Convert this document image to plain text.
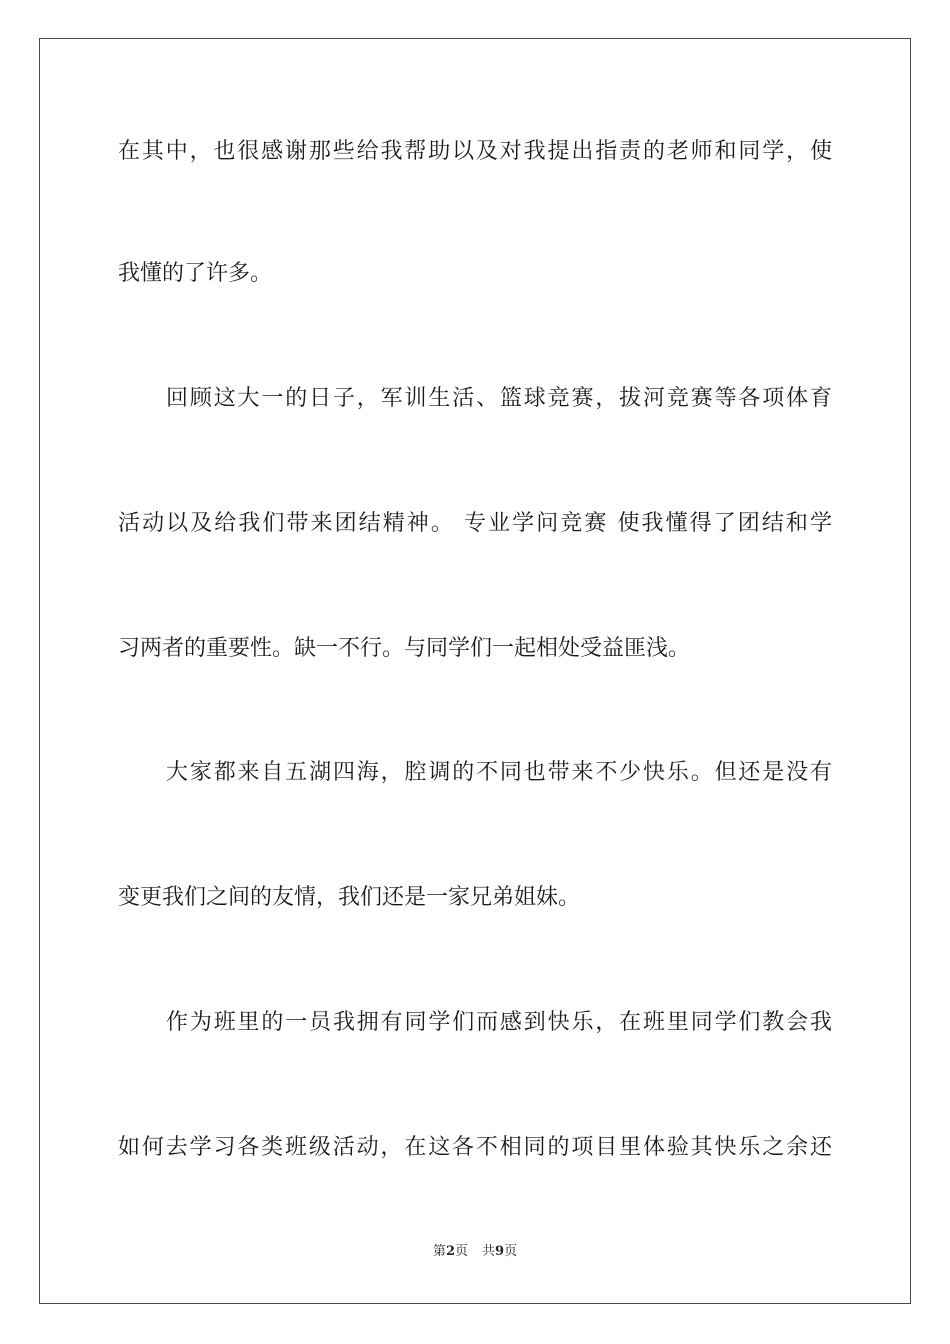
在其中，也很感谢那些给我帮助以及对我提出指责的老师和同学，使
我懂的了许多。
回顾这大一的日子，军训生活、篮球竞赛，拔河竞赛等各项体育
活动以及给我们带来团结精神。 专业学问竞赛 使我懂得了团结和学
习两者的重要性。缺一不行。与同学们一起相处受益匪浅。
大家都来自五湖四海，腔调的不同也带来不少快乐。但还是没有
变更我们之间的友情，我们还是一家兄弟姐妹。
作为班里的一员我拥有同学们而感到快乐，在班里同学们教会我
如何去学习各类班级活动，在这各不相同的项目里体验其快乐之余还
第2页 共9页
